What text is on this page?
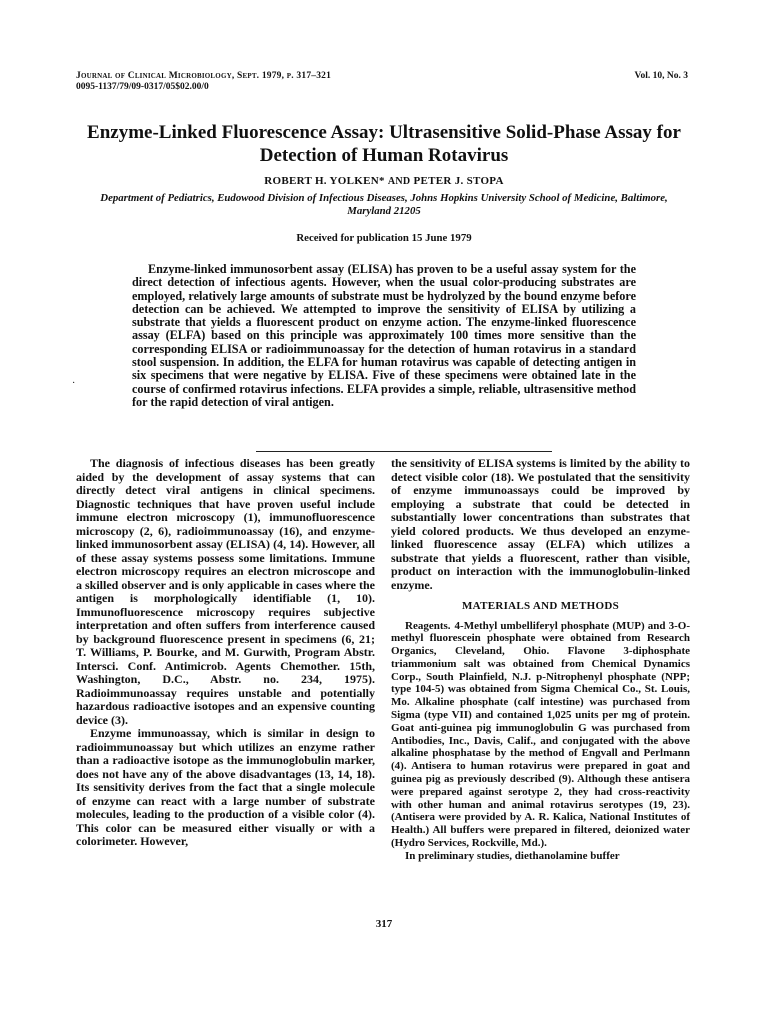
Journal of Clinical Microbiology, Sept. 1979, p. 317–321
0095-1137/79/09-0317/05$02.00/0
Vol. 10, No. 3
Enzyme-Linked Fluorescence Assay: Ultrasensitive Solid-Phase Assay for Detection of Human Rotavirus
ROBERT H. YOLKEN* AND PETER J. STOPA
Department of Pediatrics, Eudowood Division of Infectious Diseases, Johns Hopkins University School of Medicine, Baltimore, Maryland 21205
Received for publication 15 June 1979

Enzyme-linked immunosorbent assay (ELISA) has proven to be a useful assay system for the direct detection of infectious agents. However, when the usual color-producing substrates are employed, relatively large amounts of substrate must be hydrolyzed by the bound enzyme before detection can be achieved. We attempted to improve the sensitivity of ELISA by utilizing a substrate that yields a fluorescent product on enzyme action. The enzyme-linked fluorescence assay (ELFA) based on this principle was approximately 100 times more sensitive than the corresponding ELISA or radioimmunoassay for the detection of human rotavirus in a standard stool suspension. In addition, the ELFA for human rotavirus was capable of detecting antigen in six specimens that were negative by ELISA. Five of these specimens were obtained late in the course of confirmed rotavirus infections. ELFA provides a simple, reliable, ultrasensitive method for the rapid detection of viral antigen.

·

The diagnosis of infectious diseases has been greatly aided by the development of assay systems that can directly detect viral antigens in clinical specimens. Diagnostic techniques that have proven useful include immune electron microscopy (1), immunofluorescence microscopy (2, 6), radioimmunoassay (16), and enzyme-linked immunosorbent assay (ELISA) (4, 14). However, all of these assay systems possess some limitations. Immune electron microscopy requires an electron microscope and a skilled observer and is only applicable in cases where the antigen is morphologically identifiable (1, 10). Immunofluorescence microscopy requires subjective interpretation and often suffers from interference caused by background fluorescence present in specimens (6, 21; T. Williams, P. Bourke, and M. Gurwith, Program Abstr. Intersci. Conf. Antimicrob. Agents Chemother. 15th, Washington, D.C., Abstr. no. 234, 1975). Radioimmunoassay requires unstable and potentially hazardous radioactive isotopes and an expensive counting device (3).

Enzyme immunoassay, which is similar in design to radioimmunoassay but which utilizes an enzyme rather than a radioactive isotope as the immunoglobulin marker, does not have any of the above disadvantages (13, 14, 18). Its sensitivity derives from the fact that a single molecule of enzyme can react with a large number of substrate molecules, leading to the production of a visible color (4). This color can be measured either visually or with a colorimeter. However,

the sensitivity of ELISA systems is limited by the ability to detect visible color (18). We postulated that the sensitivity of enzyme immunoassays could be improved by employing a substrate that could be detected in substantially lower concentrations than substrates that yield colored products. We thus developed an enzyme-linked fluorescence assay (ELFA) which utilizes a substrate that yields a fluorescent, rather than visible, product on interaction with the immunoglobulin-linked enzyme.

MATERIALS AND METHODS

Reagents. 4-Methyl umbelliferyl phosphate (MUP) and 3-O-methyl fluorescein phosphate were obtained from Research Organics, Cleveland, Ohio. Flavone 3-diphosphate triammonium salt was obtained from Chemical Dynamics Corp., South Plainfield, N.J. p-Nitrophenyl phosphate (NPP; type 104-5) was obtained from Sigma Chemical Co., St. Louis, Mo. Alkaline phosphate (calf intestine) was purchased from Sigma (type VII) and contained 1,025 units per mg of protein. Goat anti-guinea pig immunoglobulin G was purchased from Antibodies, Inc., Davis, Calif., and conjugated with the above alkaline phosphatase by the method of Engvall and Perlmann (4). Antisera to human rotavirus were prepared in goat and guinea pig as previously described (9). Although these antisera were prepared against serotype 2, they had cross-reactivity with other human and animal rotavirus serotypes (19, 23). (Antisera were provided by A. R. Kalica, National Institutes of Health.) All buffers were prepared in filtered, deionized water (Hydro Services, Rockville, Md.).

In preliminary studies, diethanolamine buffer

317
